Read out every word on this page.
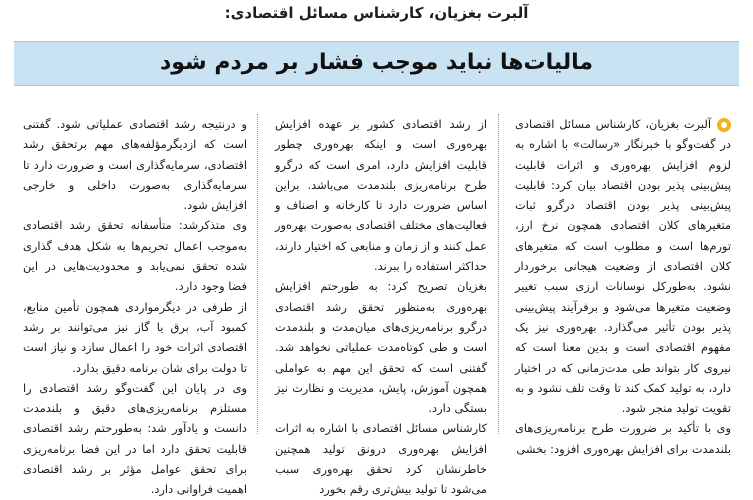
آلبرت بغزیان، کارشناس مسائل اقتصادی:
مالیات‌ها نباید موجب فشار بر مردم شود

آلبرت بغزیان، کارشناس مسائل اقتصادی در گفت‌وگو با خبرنگار «رسالت» با اشاره به لزوم افزایش بهره‌وری و اثرات قابلیت پیش‌بینی پذیر بودن اقتصاد بیان کرد: قابلیت پیش‌بینی پذیر بودن اقتصاد درگرو ثبات متغیرهای کلان اقتصادی همچون نرخ ارز، تورم‌ها است و مطلوب است که متغیرهای کلان اقتصادی از وضعیت هیجانی برخوردار نشود. به‌طورکل نوسانات ارزی سبب تغییر وضعیت متغیرها می‌شود و برفرآیند پیش‌بینی پذیر بودن تأثیر می‌گذارد. بهره‌وری نیز یک مفهوم اقتصادی است و بدین معنا است که نیروی کار بتواند طی مدت‌زمانی که در اختیار دارد، به تولید کمک کند تا وقت تلف نشود و به تقویت تولید منجر شود.

وی با تأکید بر ضرورت طرح برنامه‌ریزی‌های بلندمدت برای افزایش بهره‌وری افزود: بخشی

از رشد اقتصادی کشور بر عهده افزایش بهره‌وری است و اینکه بهره‌وری چطور قابلیت افزایش دارد، امری است که درگرو طرح برنامه‌ریزی بلندمدت می‌باشد. براین اساس ضرورت دارد تا کارخانه و اصناف و فعالیت‌های مختلف اقتصادی به‌صورت بهره‌ور عمل کنند و از زمان و منابعی که اختیار دارند، حداکثر استفاده را ببرند.

بغزیان تصریح کرد: به طورحتم افزایش بهره‌وری به‌منظور تحقق رشد اقتصادی درگرو برنامه‌ریزی‌های میان‌مدت و بلندمدت است و طی کوتاه‌مدت عملیاتی نخواهد شد. گفتنی است که تحقق این مهم به عواملی همچون آموزش، پایش، مدیریت و نظارت نیز بستگی دارد.

کارشناس مسائل اقتصادی با اشاره به اثرات افزایش بهره‌وری درونق تولید همچنین خاطرنشان کرد تحقق بهره‌وری سبب می‌شود تا تولید بیش‌تری رقم بخورد

و درنتیجه رشد اقتصادی عملیاتی شود. گفتنی است که ازدیگرمؤلفه‌های مهم برتحقق رشد اقتصادی، سرمایه‌گذاری است و ضرورت دارد تا سرمایه‌گذاری به‌صورت داخلی و خارجی افزایش شود.

وی متذکرشد: متأسفانه تحقق رشد اقتصادی به‌موجب اعمال تحریم‌ها به شکل هدف گذاری شده تحقق نمی‌یابد و محدودیت‌هایی در این فضا وجود دارد.

از طرفی در دیگرمواردی همچون تأمین منابع، کمبود آب، برق یا گاز نیز می‌توانند بر رشد اقتصادی اثرات خود را اعمال سازد و نیاز است تا دولت برای شان برنامه دقیق بدارد.

وی در پایان این گفت‌وگو رشد اقتصادی را مستلزم برنامه‌ریزی‌های دقیق و بلندمدت دانست و یادآور شد: به‌طورحتم رشد اقتصادی قابلیت تحقق دارد اما در این فضا برنامه‌ریزی برای تحقق عوامل مؤثر بر رشد اقتصادی اهمیت فراوانی دارد.
